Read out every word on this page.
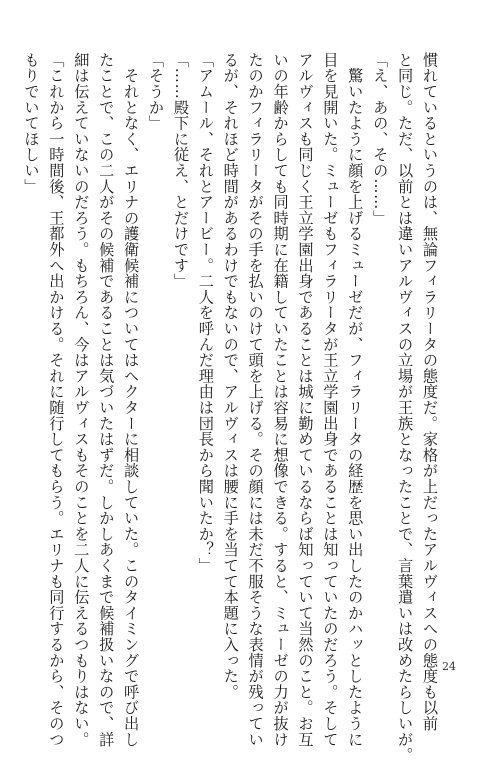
慣れているというのは、無論フィラリータの態度だ。家格が上だったアルヴィスへの態度も以前

と同じ。ただ、以前とは違いアルヴィスの立場が王族となったことで、言葉遣いは改めたらしいが。

「え、あの、その……」

　驚いたように顔を上げるミューゼだが、フィラリータの経歴を思い出したのかハッとしたように

目を見開いた。ミューゼもフィラリータが王立学園出身であることは知っていたのだろう。そして

アルヴィスも同じく王立学園出身であることは城に勤めているならば知っていて当然のこと。お互

いの年齢からしても同時期に在籍していたことは容易に想像できる。すると、ミューゼの力が抜け

たのかフィラリータがその手を払いのけて頭を上げる。その顔には未だ不服そうな表情が残ってい

るが、それほど時間があるわけでもないので、アルヴィスは腰に手を当てて本題に入った。

「アムール、それとアービー。二人を呼んだ理由は団長から聞いたか？」

「……殿下に従え、とだけです」

「そうか」

　それとなく、エリナの護衛候補についてはヘクターに相談していた。このタイミングで呼び出し

たことで、この二人がその候補であることは気づいたはずだ。しかしあくまで候補扱いなので、詳

細は伝えていないのだろう。もちろん、今はアルヴィスもそのことを二人に伝えるつもりはない。

「これから一時間後、王都外へ出かける。それに随行してもらう。エリナも同行するから、そのつ

もりでいてほしい」

24
